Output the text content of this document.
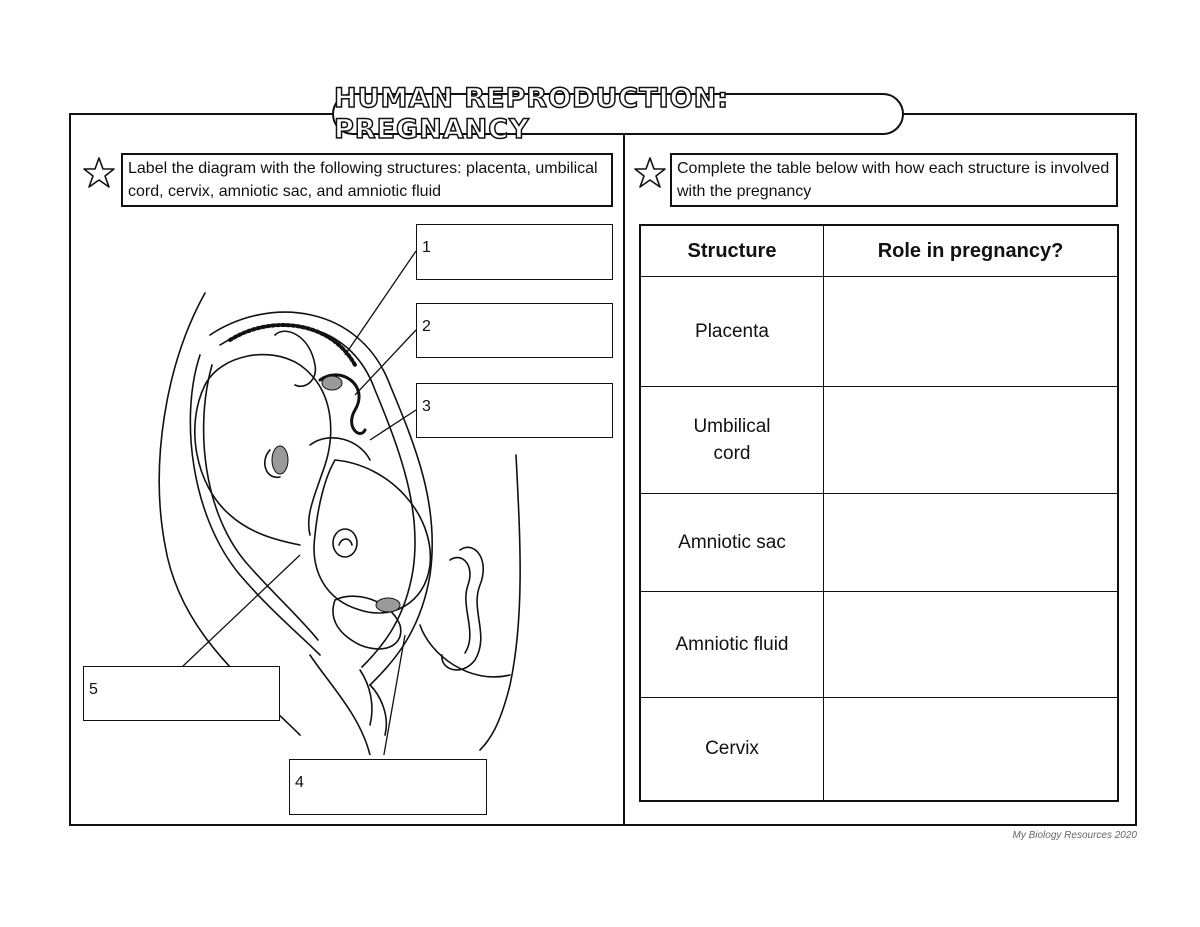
HUMAN REPRODUCTION: PREGNANCY
Label the diagram with the following structures: placenta, umbilical cord, cervix, amniotic sac, and amniotic fluid
Complete the table below with how each structure is involved with the pregnancy
1
2
3
4
5
Structure	Role in pregnancy?
Placenta	
Umbilical
cord	
Amniotic sac	
Amniotic fluid	
Cervix	
My Biology Resources 2020
